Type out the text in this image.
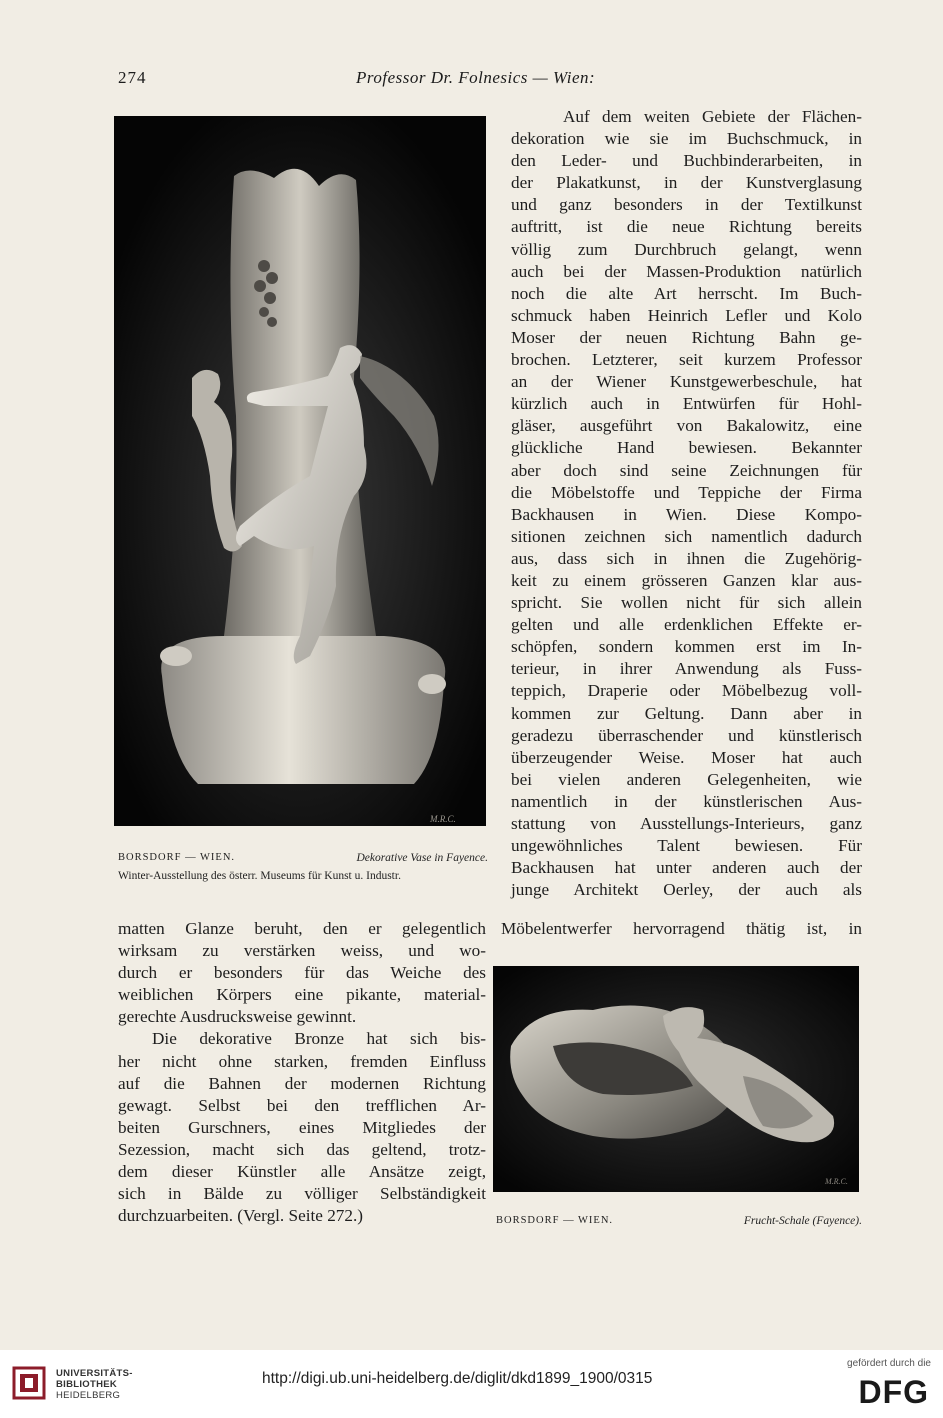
274	Professor Dr. Folnesics — Wien:
M.R.C.
BORSDORF — WIEN.	Dekorative Vase in Fayence.
Winter-Ausstellung des österr. Museums für Kunst u. Industr.
Auf dem weiten Gebiete der Flächen-
dekoration wie sie im Buchschmuck, in
den Leder- und Buchbinderarbeiten, in
der Plakatkunst, in der Kunstverglasung
und ganz besonders in der Textilkunst
auftritt, ist die neue Richtung bereits
völlig zum Durchbruch gelangt, wenn
auch bei der Massen-Produktion natürlich
noch die alte Art herrscht. Im Buch-
schmuck haben Heinrich Lefler und Kolo
Moser der neuen Richtung Bahn ge-
brochen. Letzterer, seit kurzem Professor
an der Wiener Kunstgewerbeschule, hat
kürzlich auch in Entwürfen für Hohl-
gläser, ausgeführt von Bakalowitz, eine
glückliche Hand bewiesen. Bekannter
aber doch sind seine Zeichnungen für
die Möbelstoffe und Teppiche der Firma
Backhausen in Wien. Diese Kompo-
sitionen zeichnen sich namentlich dadurch
aus, dass sich in ihnen die Zugehörig-
keit zu einem grösseren Ganzen klar aus-
spricht. Sie wollen nicht für sich allein
gelten und alle erdenklichen Effekte er-
schöpfen, sondern kommen erst im In-
terieur, in ihrer Anwendung als Fuss-
teppich, Draperie oder Möbelbezug voll-
kommen zur Geltung. Dann aber in
geradezu überraschender und künstlerisch
überzeugender Weise. Moser hat auch
bei vielen anderen Gelegenheiten, wie
namentlich in der künstlerischen Aus-
stattung von Ausstellungs-Interieurs, ganz
ungewöhnliches Talent bewiesen. Für
Backhausen hat unter anderen auch der
junge Architekt Oerley, der auch als
Möbelentwerfer hervorragend thätig ist, in
matten Glanze beruht, den er gelegentlich
wirksam zu verstärken weiss, und wo-
durch er besonders für das Weiche des
weiblichen Körpers eine pikante, material-
gerechte Ausdrucksweise gewinnt.
Die dekorative Bronze hat sich bis-
her nicht ohne starken, fremden Einfluss
auf die Bahnen der modernen Richtung
gewagt. Selbst bei den trefflichen Ar-
beiten Gurschners, eines Mitgliedes der
Sezession, macht sich das geltend, trotz-
dem dieser Künstler alle Ansätze zeigt,
sich in Bälde zu völliger Selbständigkeit
durchzuarbeiten. (Vergl. Seite 272.)
M.R.C.
BORSDORF — WIEN.	Frucht-Schale (Fayence).
UNIVERSITÄTS-
BIBLIOTHEK
HEIDELBERG
http://digi.ub.uni-heidelberg.de/diglit/dkd1899_1900/0315
gefördert durch die
DFG
